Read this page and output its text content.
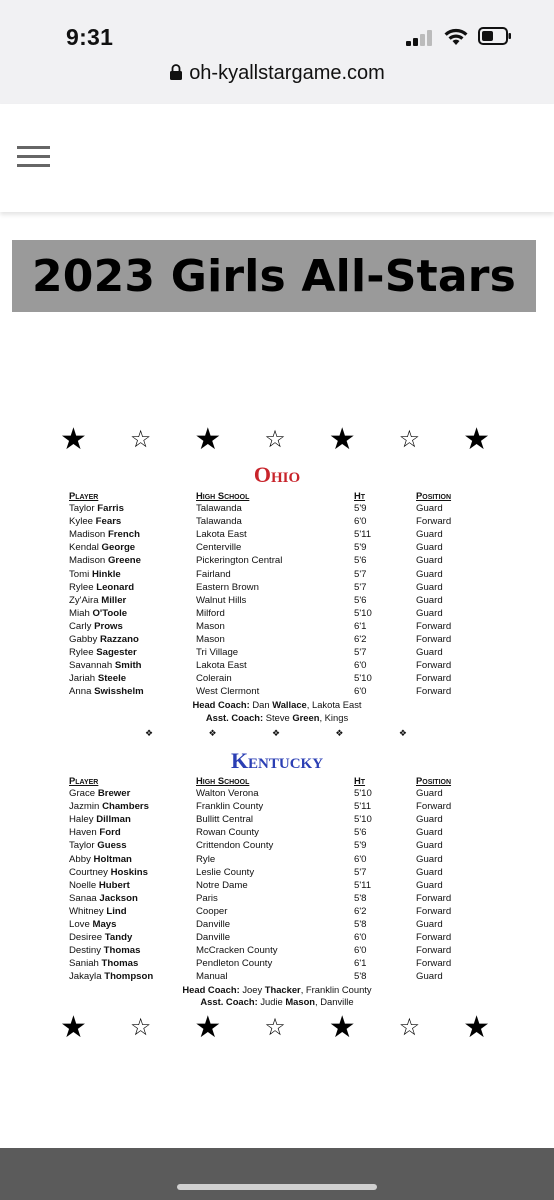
9:31
oh-kyallstargame.com
2023 Girls All-Stars
★ ☆ ★ ☆ ★ ☆ ★
Ohio
Player	High School	Ht	Position
Taylor Farris	Talawanda	5'9	Guard
Kylee Fears	Talawanda	6'0	Forward
Madison French	Lakota East	5'11	Guard
Kendal George	Centerville	5'9	Guard
Madison Greene	Pickerington Central	5'6	Guard
Tomi Hinkle	Fairland	5'7	Guard
Rylee Leonard	Eastern Brown	5'7	Guard
Zy'Aira Miller	Walnut Hills	5'6	Guard
Miah O'Toole	Milford	5'10	Guard
Carly Prows	Mason	6'1	Forward
Gabby Razzano	Mason	6'2	Forward
Rylee Sagester	Tri Village	5'7	Guard
Savannah Smith	Lakota East	6'0	Forward
Jariah Steele	Colerain	5'10	Forward
Anna Swisshelm	West Clermont	6'0	Forward
Head Coach: Dan Wallace, Lakota East
Asst. Coach: Steve Green, Kings
❖	❖	❖	❖	❖
Kentucky
Player	High School	Ht	Position
Grace Brewer	Walton Verona	5'10	Guard
Jazmin Chambers	Franklin County	5'11	Forward
Haley Dillman	Bullitt Central	5'10	Guard
Haven Ford	Rowan County	5'6	Guard
Taylor Guess	Crittendon County	5'9	Guard
Abby Holtman	Ryle	6'0	Guard
Courtney Hoskins	Leslie County	5'7	Guard
Noelle Hubert	Notre Dame	5'11	Guard
Sanaa Jackson	Paris	5'8	Forward
Whitney Lind	Cooper	6'2	Forward
Love Mays	Danville	5'8	Guard
Desiree Tandy	Danville	6'0	Forward
Destiny Thomas	McCracken County	6'0	Forward
Saniah Thomas	Pendleton County	6'1	Forward
Jakayla Thompson	Manual	5'8	Guard
Head Coach: Joey Thacker, Franklin County
Asst. Coach: Judie Mason, Danville
★ ☆ ★ ☆ ★ ☆ ★
